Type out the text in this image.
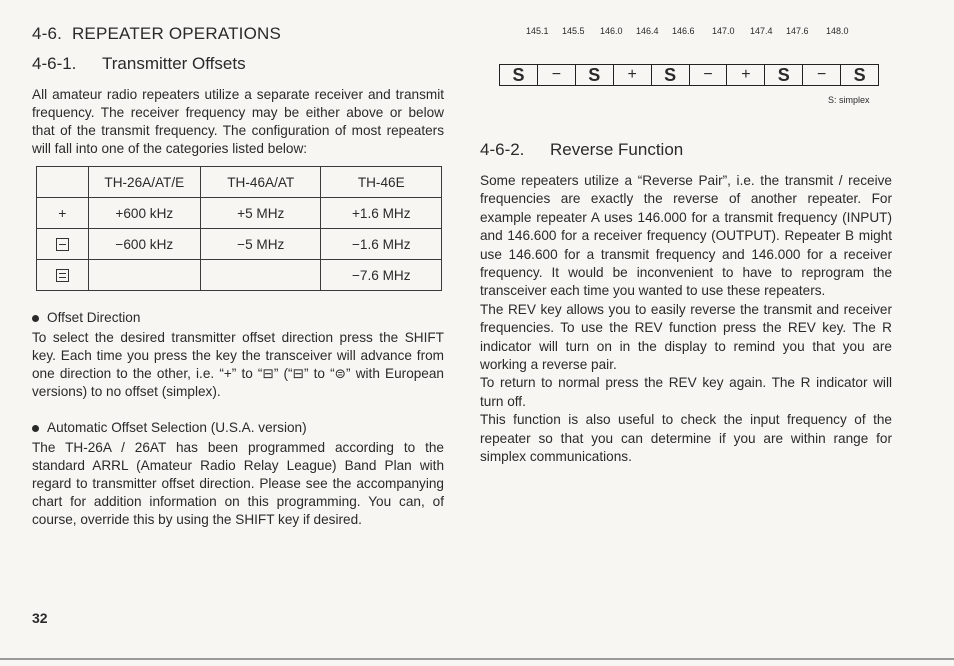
4-6. REPEATER OPERATIONS

4-6-1. Transmitter Offsets

All amateur radio repeaters utilize a separate receiver and transmit frequency. The receiver frequency may be either above or below that of the transmit frequency. The configuration of most repeaters will fall into one of the categories listed below:

	TH-26A/AT/E	TH-46A/AT	TH-46E
+	+600 kHz	+5 MHz	+1.6 MHz

	−600 kHz	−5 MHz	−1.6 MHz

			−7.6 MHz

Offset Direction

To select the desired transmitter offset direction press the SHIFT key. Each time you press the key the transceiver will advance from one direction to the other, i.e. “+” to “⊟” (“⊟” to “⊜” with European versions) to no offset (simplex).

Automatic Offset Selection (U.S.A. version)

The TH-26A / 26AT has been programmed according to the standard ARRL (Amateur Radio Relay League) Band Plan with regard to transmitter offset direction. Please see the accompanying chart for addition information on this programming. You can, of course, override this by using the SHIFT key if desired.

32
145.1 145.5 146.0 146.4 146.6 147.0 147.4 147.6 148.0
S	−	S	+	S	−	+	S	−	S
S: simplex
4-6-2. Reverse Function

Some repeaters utilize a “Reverse Pair”, i.e. the transmit / receive frequencies are exactly the reverse of another repeater. For example repeater A uses 146.000 for a transmit frequency (INPUT) and 146.600 for a receiver frequency (OUTPUT). Repeater B might use 146.600 for a transmit frequency and 146.000 for a receiver frequency. It would be inconvenient to have to reprogram the transceiver each time you wanted to use these repeaters.

The REV key allows you to easily reverse the transmit and receiver frequencies. To use the REV function press the REV key. The R indicator will turn on in the display to remind you that you are working a reverse pair.

To return to normal press the REV key again. The R indicator will turn off.

This function is also useful to check the input frequency of the repeater so that you can determine if you are within range for simplex communications.
